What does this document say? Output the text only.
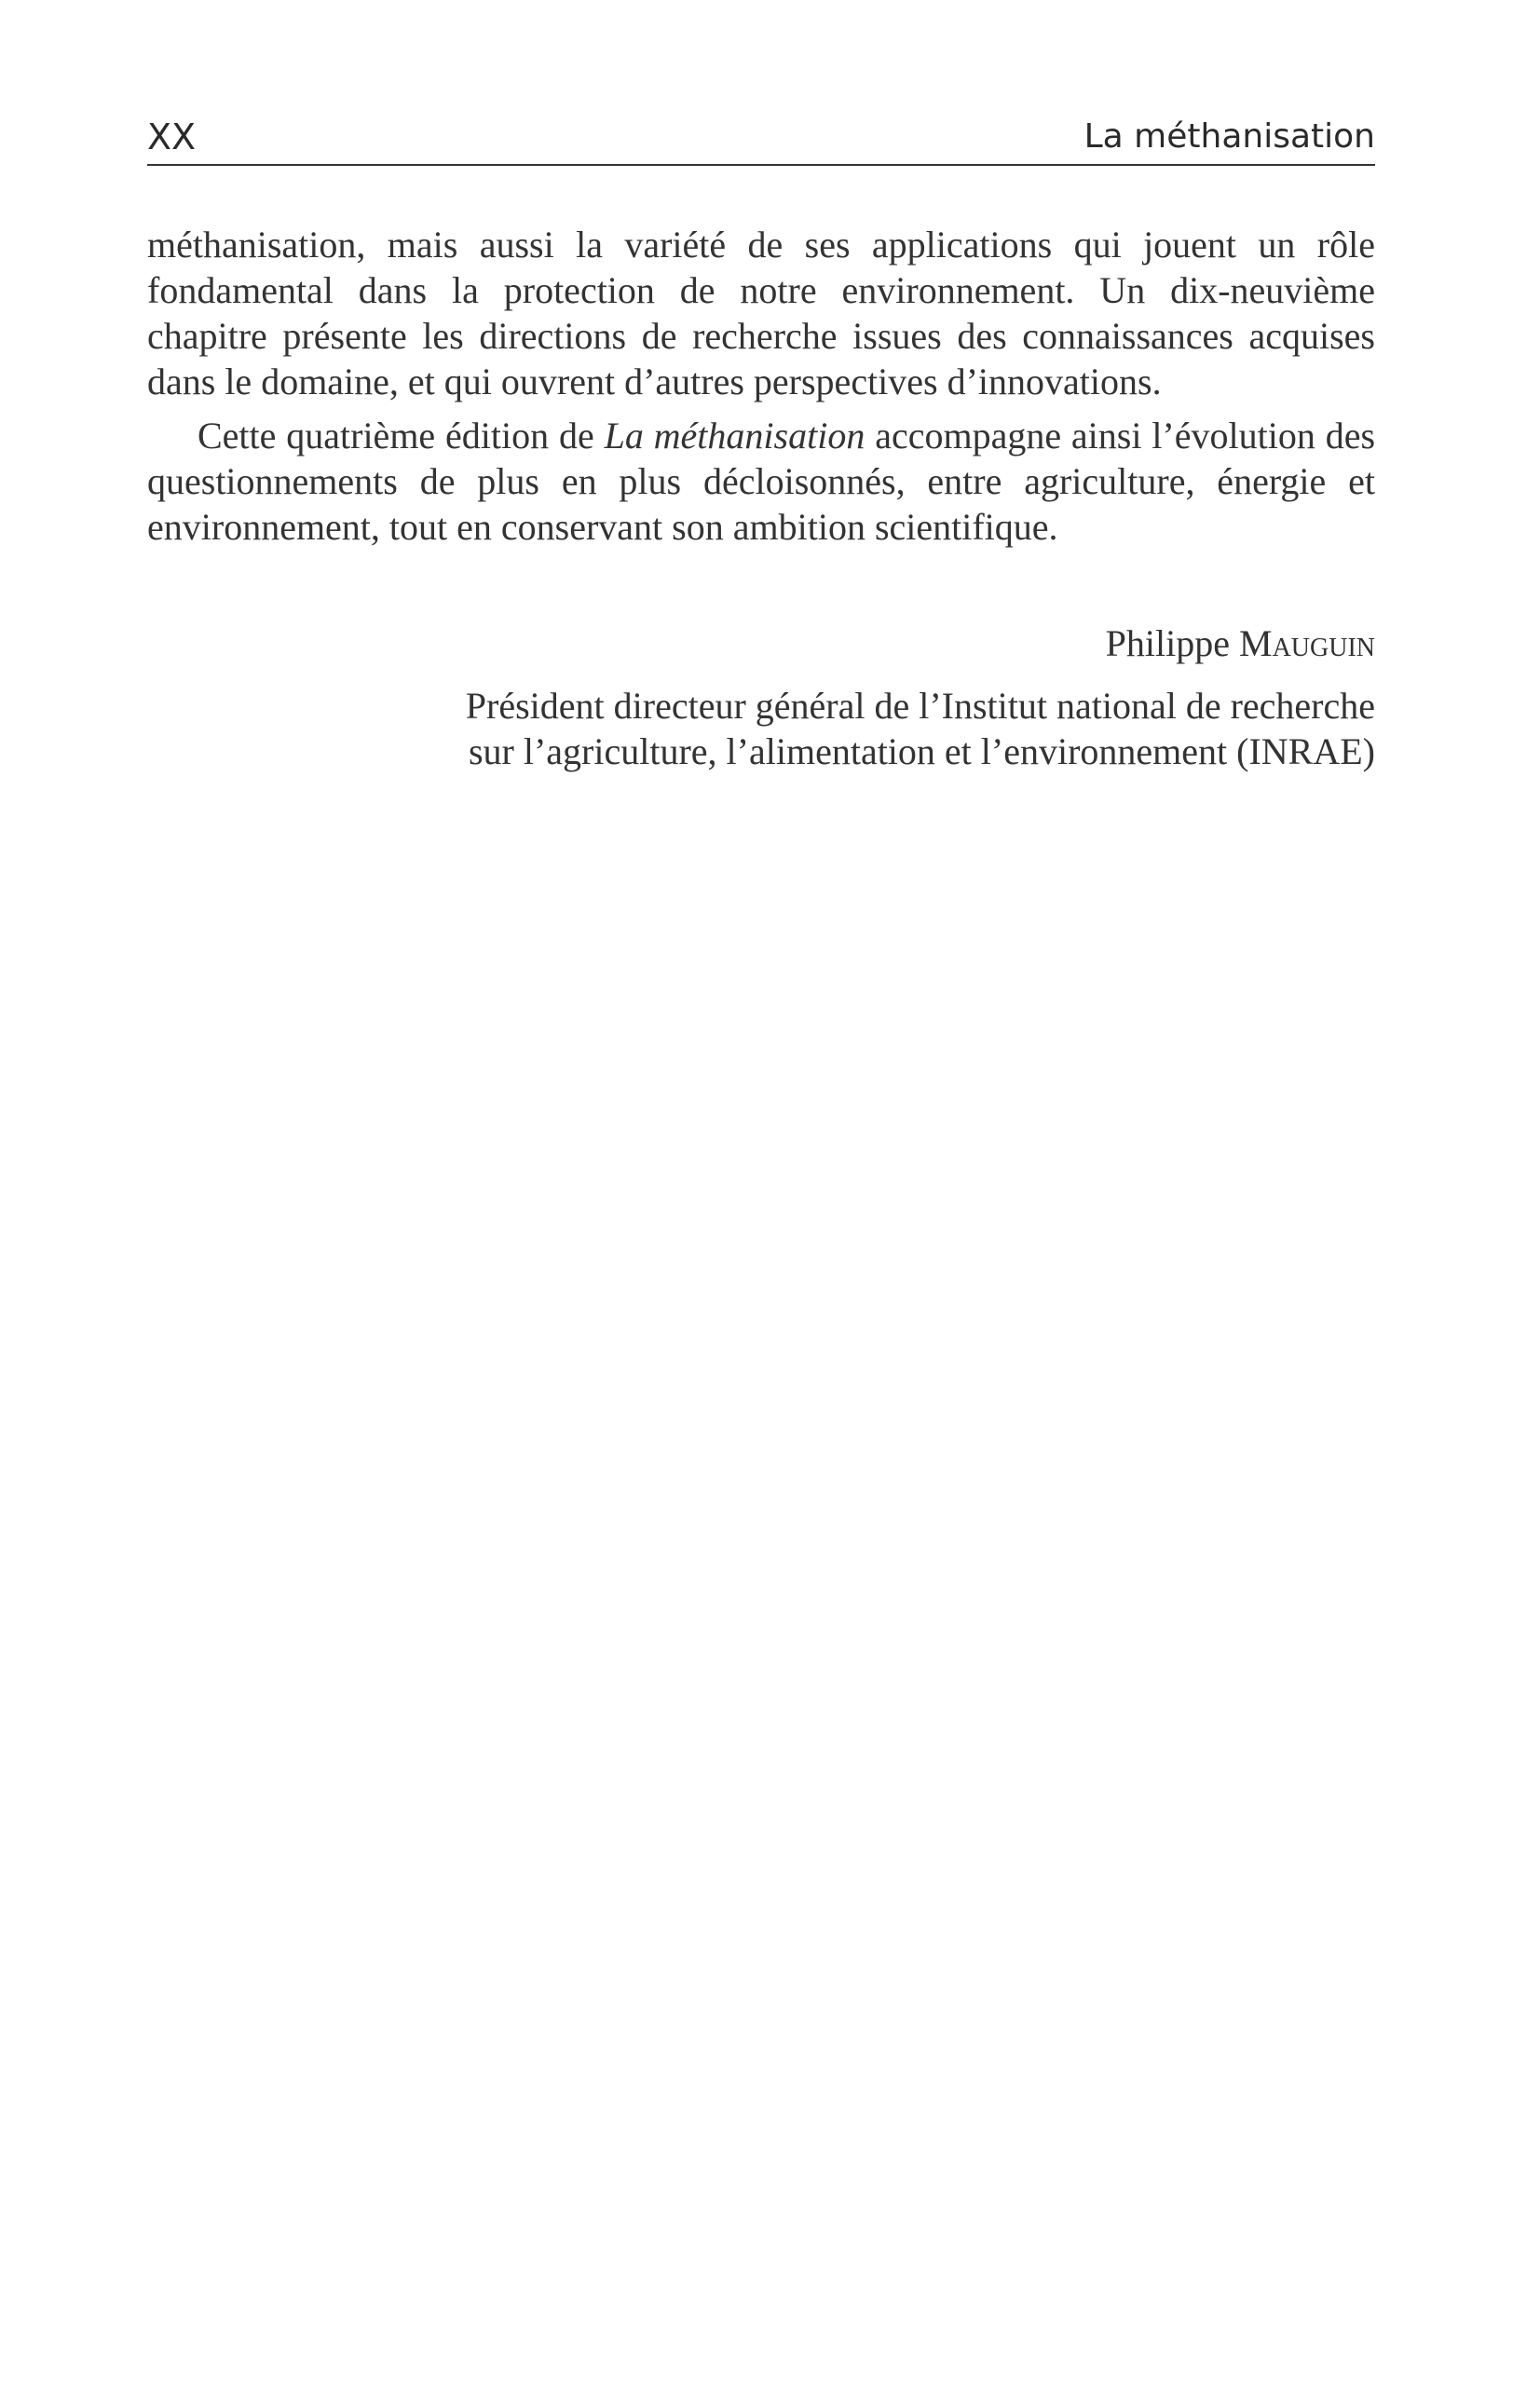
XX	La méthanisation

méthanisation, mais aussi la variété de ses applications qui jouent un rôle fondamental dans la protection de notre environnement. Un dix-neuvième chapitre présente les directions de recherche issues des connaissances acquises dans le domaine, et qui ouvrent d’autres perspectives d’innovations.

Cette quatrième édition de La méthanisation accompagne ainsi l’évolution des questionnements de plus en plus décloisonnés, entre agriculture, énergie et environnement, tout en conservant son ambition scientifique.

Philippe Mauguin
Président directeur général de l’Institut national de recherche
sur l’agriculture, l’alimentation et l’environnement (INRAE)
